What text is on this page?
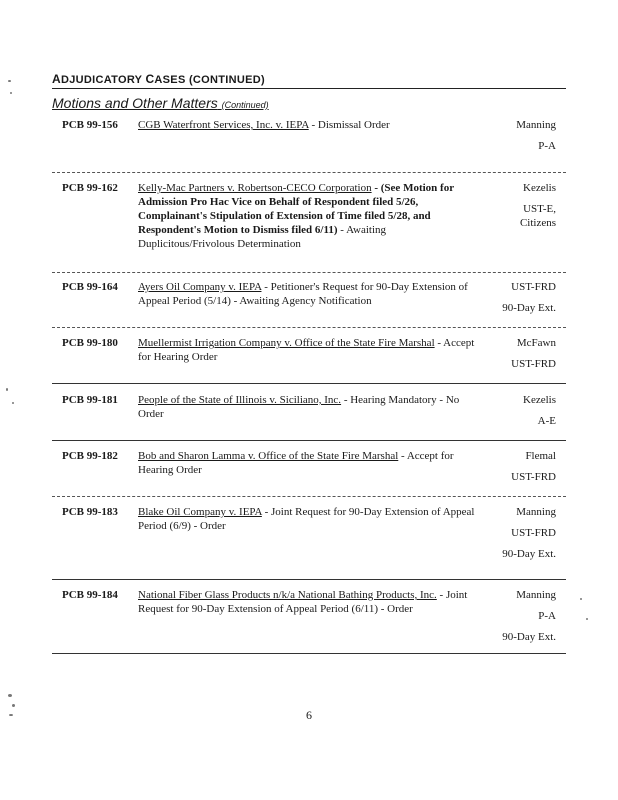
ADJUDICATORY CASES (CONTINUED)
Motions and Other Matters (Continued)
PCB 99-156	CGB Waterfront Services, Inc. v. IEPA - Dismissal Order	Manning
P-A
PCB 99-162	Kelly-Mac Partners v. Robertson-CECO Corporation - (See Motion for Admission Pro Hac Vice on Behalf of Respondent filed 5/26, Complainant's Stipulation of Extension of Time filed 5/28, and Respondent's Motion to Dismiss filed 6/11) - Awaiting Duplicitous/Frivolous Determination
Kezelis
UST-E,
Citizens
PCB 99-164	Ayers Oil Company v. IEPA - Petitioner's Request for 90-Day Extension of Appeal Period (5/14) - Awaiting Agency Notification
UST-FRD
90-Day Ext.
PCB 99-180	Muellermist Irrigation Company v. Office of the State Fire Marshal - Accept for Hearing Order
McFawn
UST-FRD
PCB 99-181	People of the State of Illinois v. Siciliano, Inc. - Hearing Mandatory - No Order
Kezelis
A-E
PCB 99-182	Bob and Sharon Lamma v. Office of the State Fire Marshal - Accept for Hearing Order
Flemal
UST-FRD
PCB 99-183	Blake Oil Company v. IEPA - Joint Request for 90-Day Extension of Appeal Period (6/9) - Order
Manning
UST-FRD
90-Day Ext.
PCB 99-184	National Fiber Glass Products n/k/a National Bathing Products, Inc. - Joint Request for 90-Day Extension of Appeal Period (6/11) - Order
Manning
P-A
90-Day Ext.
6
